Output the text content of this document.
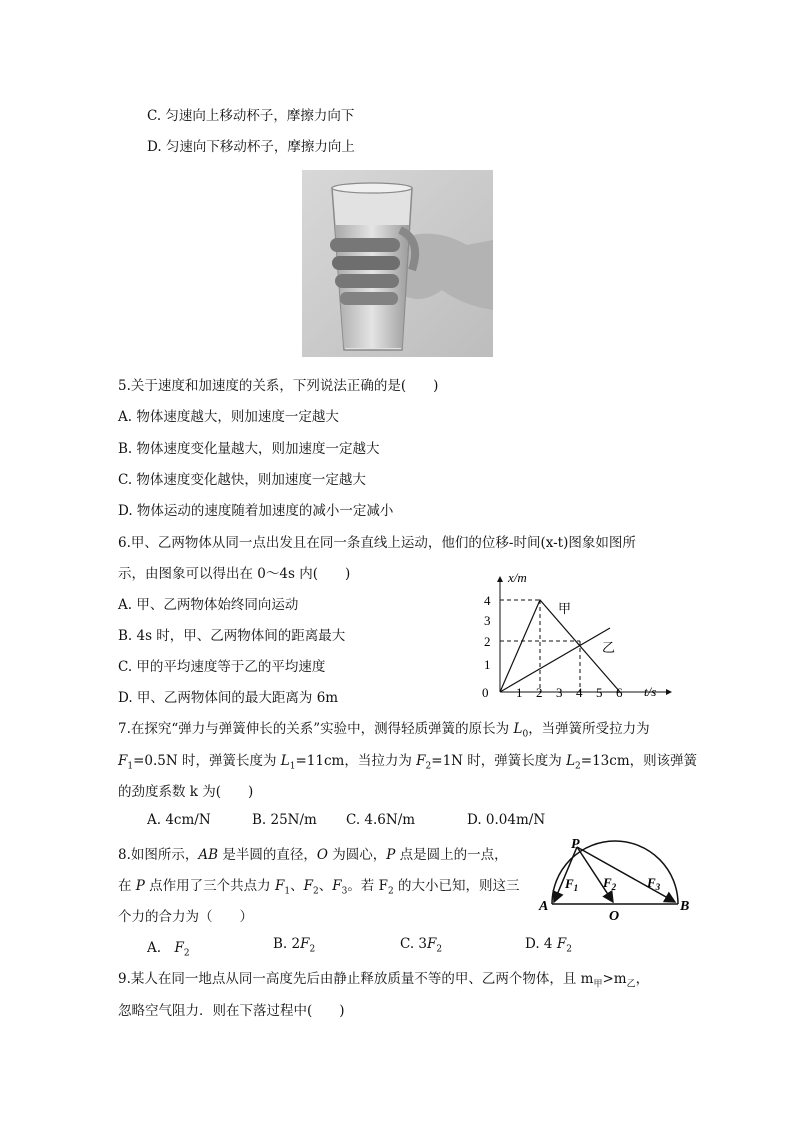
C. 匀速向上移动杯子，摩擦力向下
D. 匀速向下移动杯子，摩擦力向上
5.关于速度和加速度的关系，下列说法正确的是(　　)
A. 物体速度越大，则加速度一定越大
B. 物体速度变化量越大，则加速度一定越大
C. 物体速度变化越快，则加速度一定越大
D. 物体运动的速度随着加速度的减小一定减小
6.甲、乙两物体从同一点出发且在同一条直线上运动，他们的位移-时间(x-t)图象如图所
示，由图象可以得出在 0～4s 内(　　)
A. 甲、乙两物体始终同向运动
B. 4s 时，甲、乙两物体间的距离最大
C. 甲的平均速度等于乙的平均速度
D. 甲、乙两物体间的最大距离为 6m
x/m
t/s
0 1 2 3 4 5 6
1
2
3
4
甲
乙
7.在探究“弹力与弹簧伸长的关系”实验中，测得轻质弹簧的原长为 $L_0$，当弹簧所受拉力为
$F_1=0.5N$ 时，弹簧长度为 $L_1=11cm$，当拉力为 $F_2=1N$ 时，弹簧长度为 $L_2=13cm$，则该弹簧
的劲度系数 k 为(　　)
A. 4cm/N	B. 25N/m C. 4.6N/m	D. 0.04m/N
8.如图所示，AB 是半圆的直径，O 为圆心，P 点是圆上的一点，
在 P 点作用了三个共点力 $F_1$、$F_2$、$F_3$。若 $F_2$ 的大小已知，则这三
个力的合力为（　　）
A.　$F_2$
B. $2F_2$	C. $3F_2$	D. 4 $F_2$
P
A	B
O
$F_1$ $F_2$ $F_3$
9.某人在同一地点从同一高度先后由静止释放质量不等的甲、乙两个物体，且 $m_甲>m_乙$，
忽略空气阻力．则在下落过程中(　　)
